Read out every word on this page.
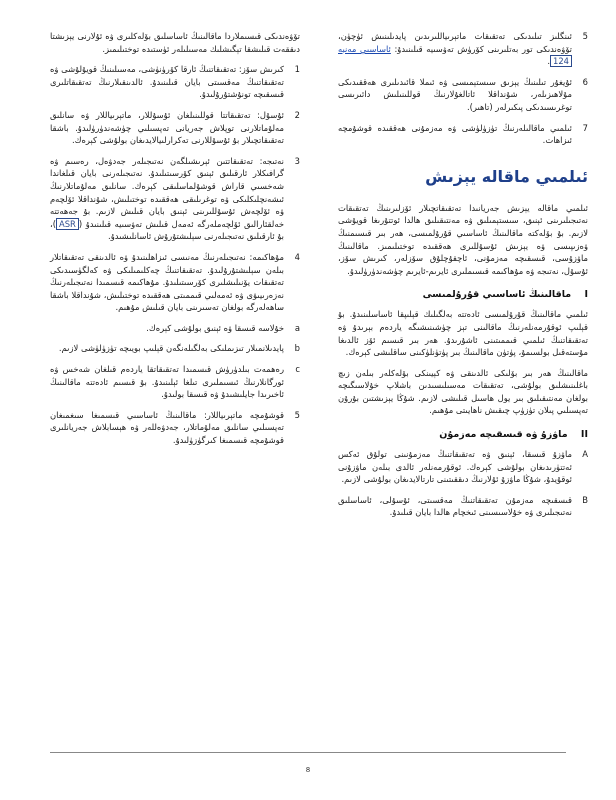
5

ئىنگلىز تىلىدىكى تەتقىقات ماتېرىياللىرىدىن پايدىلىنىش ئۈچۈن، تۆۋەندىكى تور بەتلىرىنى كۆرۈش تەۋسىيە قىلىنىدۇ: ئاساسىي مەنبە 124.

6

ئۇيغۇر تىلىنىڭ يېزىق سىستېمىسى ۋە ئىملا قائىدىلىرى ھەققىدىكى مۇلاھىزىلەر، شۇنداقلا ئاتالغۇلارنىڭ قوللىنىلىش دائىرىسى توغرىسىدىكى پىكىرلەر (تاھىر).

7

ئىلمىي ماقالىلەرنىڭ تۈزۈلۈشى ۋە مەزمۇنى ھەققىدە قوشۇمچە ئىزاھات.

ئىلمىي ماقالە يېزىش

ئىلمىي ماقالە يېزىش جەريانىدا تەتقىقاتچىلار ئۆزلىرىنىڭ تەتقىقات نەتىجىلىرىنى ئېنىق، سىستېمىلىق ۋە مەنتىقىلىق ھالدا ئوتتۇرىغا قويۇشى لازىم. بۇ بۆلەكتە ماقالىنىڭ ئاساسىي قۇرۇلمىسى، ھەر بىر قىسىمنىڭ ۋەزىپىسى ۋە يېزىش ئۇسۇللىرى ھەققىدە توختىلىمىز. ماقالىنىڭ ماۋزۇسى، قىسقىچە مەزمۇنى، ئاچقۇچلۇق سۆزلەر، كىرىش سۆز، ئۇسۇل، نەتىجە ۋە مۇھاكىمە قىسىملىرى ئايرىم-ئايرىم چۈشەندۈرۈلىدۇ.

I ماقالىنىڭ ئاساسىي قۇرۇلمىسى

ئىلمىي ماقالىنىڭ قۇرۇلمىسى ئادەتتە بەلگىلىك قېلىپقا ئاساسلىنىدۇ. بۇ قېلىپ ئوقۇرمەنلەرنىڭ ماقالىنى تېز چۈشىنىشىگە ياردەم بېرىدۇ ۋە تەتقىقاتنىڭ ئىلمىي قىممىتىنى ئاشۇرىدۇ. ھەر بىر قىسىم ئۆز ئالدىغا مۇستەقىل بولسىمۇ، پۈتۈن ماقالىنىڭ بىر پۈتۈنلۈكىنى ساقلىشى كېرەك.

ماقالىنىڭ ھەر بىر بۆلىكى ئالدىنقى ۋە كېيىنكى بۆلەكلەر بىلەن زىچ باغلىنىشلىق بولۇشى، تەتقىقات مەسىلىسىدىن باشلاپ خۇلاسىگىچە بولغان مەنتىقىلىق بىر يول ھاسىل قىلىشى لازىم. شۇڭا يېزىشتىن بۇرۇن تەپسىلىي پىلان تۈزۈپ چىقىش ناھايىتى مۇھىم.

II ماۋزۇ ۋە قىسقىچە مەزمۇن
A

ماۋزۇ قىسقا، ئېنىق ۋە تەتقىقاتنىڭ مەزمۇنىنى تولۇق ئەكس ئەتتۈرىدىغان بولۇشى كېرەك. ئوقۇرمەنلەر ئالدى بىلەن ماۋزۇنى ئوقۇيدۇ، شۇڭا ماۋزۇ ئۇلارنىڭ دىققىتىنى تارتالايدىغان بولۇشى لازىم.

B

قىسقىچە مەزمۇن تەتقىقاتنىڭ مەقسىتى، ئۇسۇلى، ئاساسلىق نەتىجىلىرى ۋە خۇلاسىسىنى ئىخچام ھالدا بايان قىلىدۇ.

تۆۋەندىكى قىسىملاردا ماقالىنىڭ ئاساسلىق بۆلەكلىرى ۋە ئۇلارنى يېزىشتا دىققەت قىلىشقا تېگىشلىك مەسىلىلەر ئۈستىدە توختىلىمىز.

1

كىرىش سۆز: تەتقىقاتنىڭ ئارقا كۆرۈنۈشى، مەسىلىنىڭ قويۇلۇشى ۋە تەتقىقاتنىڭ مەقسىتى بايان قىلىنىدۇ. ئالدىنقىلارنىڭ تەتقىقاتلىرى قىسقىچە تونۇشتۇرۇلىدۇ.

2

ئۇسۇل: تەتقىقاتتا قوللىنىلغان ئۇسۇللار، ماتېرىياللار ۋە سانلىق مەلۇماتلارنى توپلاش جەريانى تەپسىلىي چۈشەندۈرۈلىدۇ. باشقا تەتقىقاتچىلار بۇ ئۇسۇللارنى تەكرارلىيالايدىغان بولۇشى كېرەك.

3

نەتىجە: تەتقىقاتتىن ئېرىشىلگەن نەتىجىلەر جەدۋەل، رەسىم ۋە گرافىكلار ئارقىلىق ئېنىق كۆرسىتىلىدۇ. نەتىجىلەرنى بايان قىلغاندا شەخسىي قاراش قوشۇلماسلىقى كېرەك. سانلىق مەلۇماتلارنىڭ ئىشەنچلىكلىكى ۋە توغرىلىقى ھەققىدە توختىلىش، شۇنداقلا ئۆلچەم ۋە ئۆلچەش ئۇسۇللىرىنى ئېنىق بايان قىلىش لازىم. بۇ جەھەتتە خەلقئارالىق ئۆلچەملەرگە ئەمەل قىلىش تەۋسىيە قىلىنىدۇ (ASR)، بۇ ئارقىلىق نەتىجىلەرنى سېلىشتۇرۇش ئاسانلىشىدۇ.

4

مۇھاكىمە: نەتىجىلەرنىڭ مەنىسى ئىزاھلىنىدۇ ۋە ئالدىنقى تەتقىقاتلار بىلەن سېلىشتۇرۇلىدۇ. تەتقىقاتنىڭ چەكلىمىلىكى ۋە كەلگۈسىدىكى تەتقىقات يۆنىلىشلىرى كۆرسىتىلىدۇ. مۇھاكىمە قىسمىدا نەتىجىلەرنىڭ نەزەرىيىۋى ۋە ئەمەلىي قىممىتى ھەققىدە توختىلىش، شۇنداقلا باشقا ساھەلەرگە بولغان تەسىرىنى بايان قىلىش مۇھىم.

a

خۇلاسە قىسقا ۋە ئېنىق بولۇشى كېرەك.

b

پايدىلانمىلار تىزىملىكى بەلگىلەنگەن قېلىپ بويىچە تۈزۈلۈشى لازىم.

c

رەھمەت بىلدۈرۈش قىسمىدا تەتقىقاتقا ياردەم قىلغان شەخس ۋە ئورگانلارنىڭ ئىسىملىرى تىلغا ئېلىنىدۇ. بۇ قىسىم ئادەتتە ماقالىنىڭ ئاخىرىدا جايلىشىدۇ ۋە قىسقا بولىدۇ.

5

قوشۇمچە ماتېرىياللار: ماقالىنىڭ ئاساسىي قىسمىغا سىغمىغان تەپسىلىي سانلىق مەلۇماتلار، جەدۋەللەر ۋە ھېسابلاش جەريانلىرى قوشۇمچە قىسمىغا كىرگۈزۈلىدۇ.

8
